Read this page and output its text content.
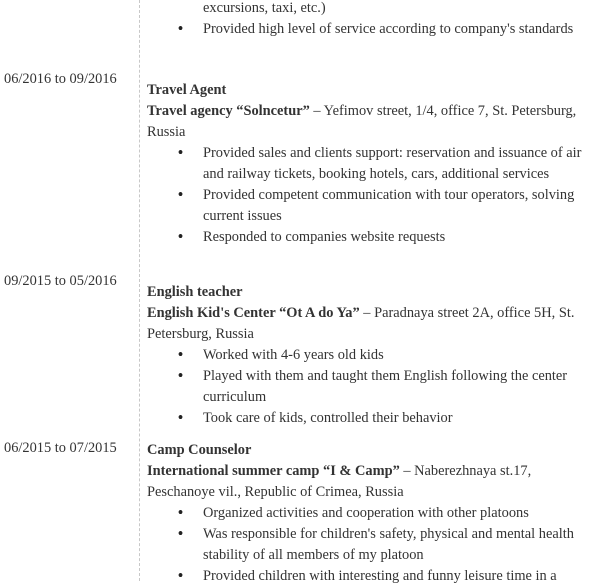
excursions, taxi, etc.)
• Provided high level of service according to company's standards
06/2016 to 09/2016
Travel Agent
Travel agency “Solncetur” – Yefimov street, 1/4, office 7, St. Petersburg, Russia
• Provided sales and clients support: reservation and issuance of air and railway tickets, booking hotels, cars, additional services
• Provided competent communication with tour operators, solving current issues
• Responded to companies website requests
09/2015 to 05/2016
English teacher
English Kid's Center “Ot A do Ya” – Paradnaya street 2A, office 5H, St. Petersburg, Russia
• Worked with 4-6 years old kids
• Played with them and taught them English following the center curriculum
• Took care of kids, controlled their behavior
06/2015 to 07/2015 Camp Counselor
International summer camp “I & Camp” – Naberezhnaya st.17, Peschanoye vil., Republic of Crimea, Russia
• Organized activities and cooperation with other platoons
• Was responsible for children's safety, physical and mental health stability of all members of my platoon
• Provided children with interesting and funny leisure time in a
